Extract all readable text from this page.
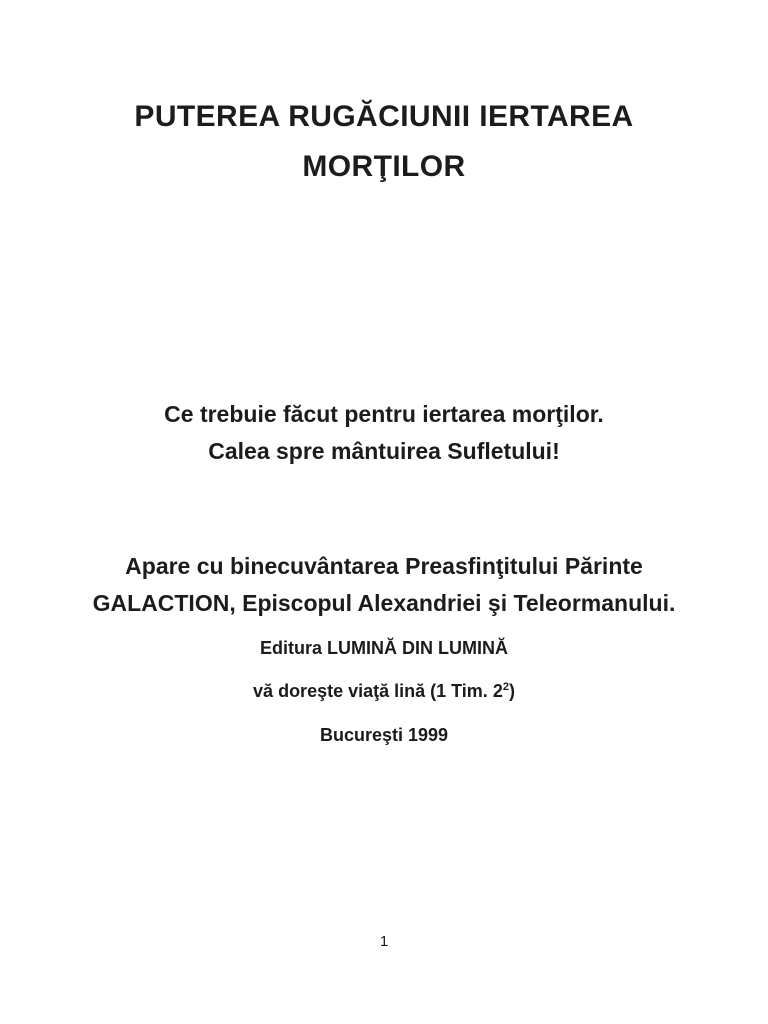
PUTEREA RUGĂCIUNII IERTAREA
MORŢILOR
Ce trebuie făcut pentru iertarea morţilor.
Calea spre mântuirea Sufletului!
Apare cu binecuvântarea Preasfinţitului Părinte
GALACTION, Episcopul Alexandriei şi Teleormanului.
Editura LUMINĂ DIN LUMINĂ
vă doreşte viaţă lină (1 Tim. $2^2$)
Bucureşti 1999
1
